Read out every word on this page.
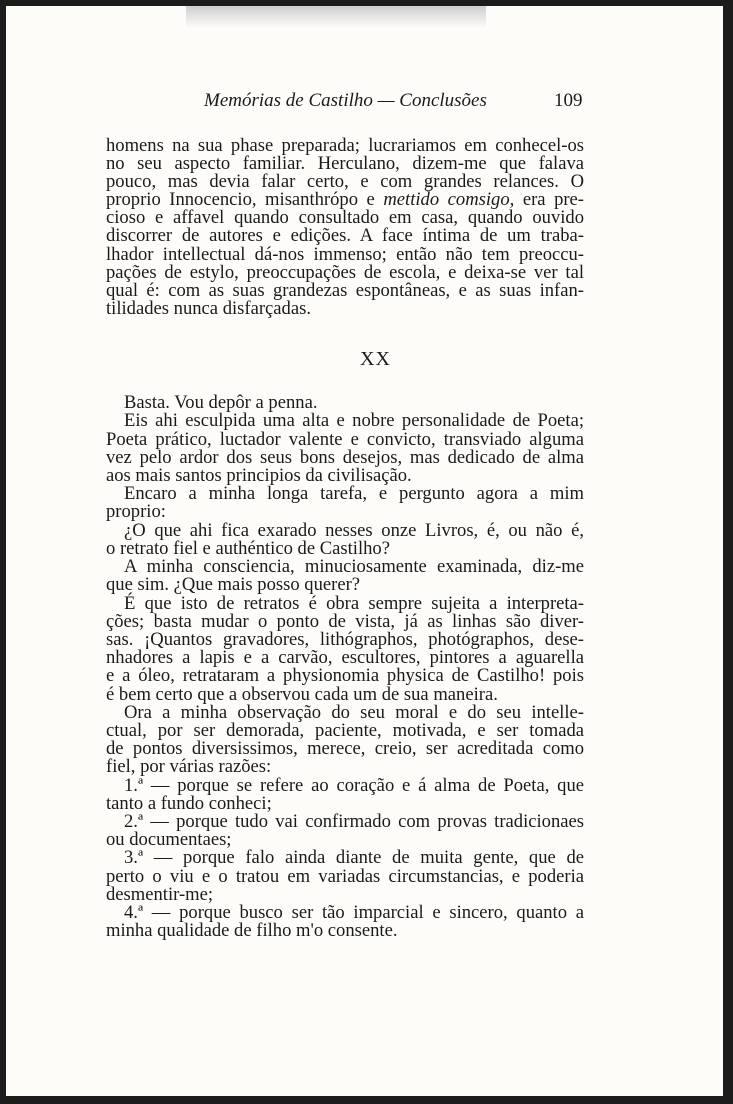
Memórias de Castilho — Conclusões	109
homens na sua phase preparada; lucrariamos em conhecel-os
no seu aspecto familiar. Herculano, dizem-me que falava
pouco, mas devia falar certo, e com grandes relances. O
proprio Innocencio, misanthrópo e mettido comsigo, era pre-
cioso e affavel quando consultado em casa, quando ouvido
discorrer de autores e edições. A face íntima de um traba-
lhador intellectual dá-nos immenso; então não tem preoccu-
pações de estylo, preoccupações de escola, e deixa-se ver tal
qual é: com as suas grandezas espontâneas, e as suas infan-
tilidades nunca disfarçadas.
XX
Basta. Vou depôr a penna.
Eis ahi esculpida uma alta e nobre personalidade de Poeta;
Poeta prático, luctador valente e convicto, transviado alguma
vez pelo ardor dos seus bons desejos, mas dedicado de alma
aos mais santos principios da civilisação.
Encaro a minha longa tarefa, e pergunto agora a mim
proprio:
¿O que ahi fica exarado nesses onze Livros, é, ou não é,
o retrato fiel e authéntico de Castilho?
A minha consciencia, minuciosamente examinada, diz-me
que sim. ¿Que mais posso querer?
É que isto de retratos é obra sempre sujeita a interpreta-
ções; basta mudar o ponto de vista, já as linhas são diver-
sas. ¡Quantos gravadores, lithógraphos, photógraphos, dese-
nhadores a lapis e a carvão, escultores, pintores a aguarella
e a óleo, retrataram a physionomia physica de Castilho! pois
é bem certo que a observou cada um de sua maneira.
Ora a minha observação do seu moral e do seu intelle-
ctual, por ser demorada, paciente, motivada, e ser tomada
de pontos diversissimos, merece, creio, ser acreditada como
fiel, por várias razões:
1.ª — porque se refere ao coração e á alma de Poeta, que
tanto a fundo conheci;
2.ª — porque tudo vai confirmado com provas tradicionaes
ou documentaes;
3.ª — porque falo ainda diante de muita gente, que de
perto o viu e o tratou em variadas circumstancias, e poderia
desmentir-me;
4.ª — porque busco ser tão imparcial e sincero, quanto a
minha qualidade de filho m'o consente.
